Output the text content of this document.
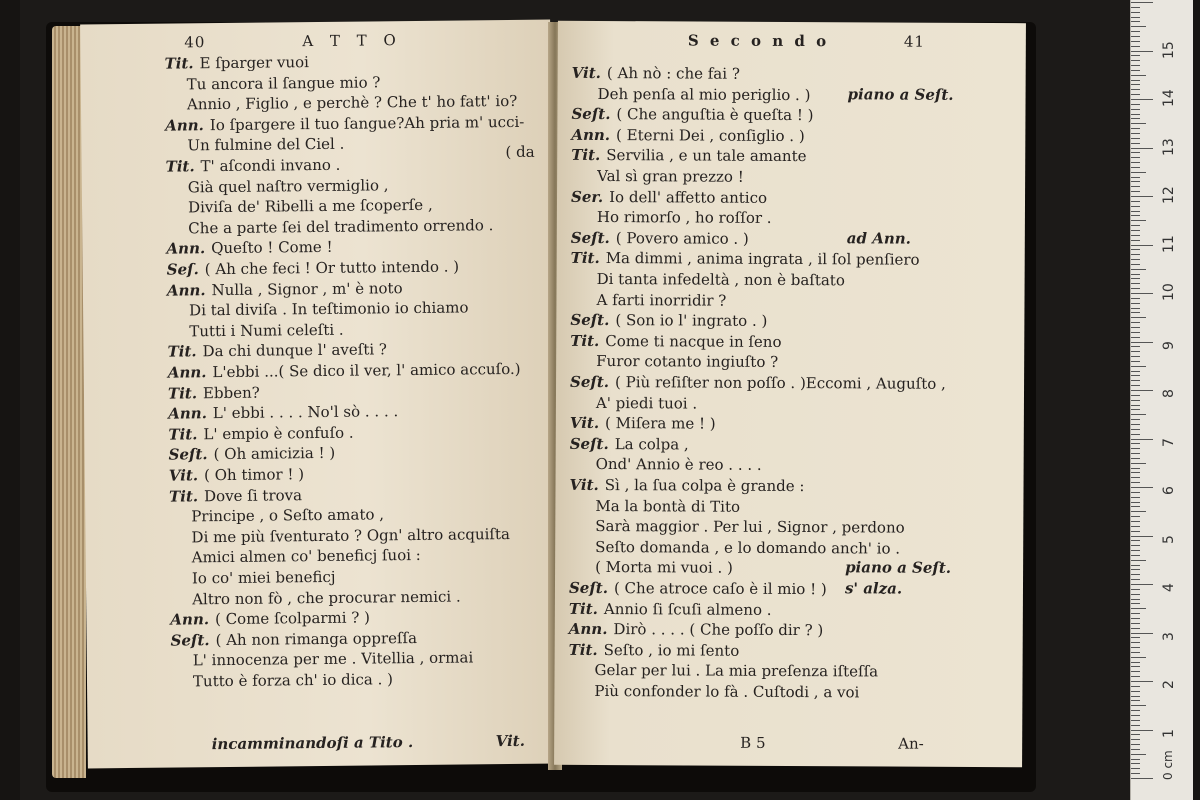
40	A T T O
Tit. E ſparger vuoi
Tu ancora il ſangue mio ?
Annio , Figlio , e perchè ? Che t' ho fatt' io?
Ann. Io ſpargere il tuo ſangue?Ah pria m' ucci-
Un fulmine del Ciel .
Tit. T' aſcondi invano .
Già quel naſtro vermiglio ,
Diviſa de' Ribelli a me ſcoperſe ,
Che a parte ſei del tradimento orrendo .
Ann. Queſto ! Come !
Seſ. ( Ah che feci ! Or tutto intendo . )
Ann. Nulla , Signor , m' è noto
Di tal diviſa . In teſtimonio io chiamo
Tutti i Numi celeſti .
Tit. Da chi dunque l' aveſti ?
Ann. L'ebbi ...( Se dico il ver, l' amico accuſo.)
Tit. Ebben?
Ann. L' ebbi . . . . No'l sò . . . .
Tit. L' empio è confuſo .
Seſt. ( Oh amicizia ! )
Vit. ( Oh timor ! )
Tit. Dove ſi trova
Principe , o Seſto amato ,
Di me più ſventurato ? Ogn' altro acquiſta
Amici almen co' beneficj ſuoi :
Io co' miei beneficj
Altro non fò , che procurar nemici .
Ann. ( Come ſcolparmi ? )
Seſt. ( Ah non rimanga oppreſſa
L' innocenza per me . Vitellia , ormai
Tutto è forza ch' io dica . )
( da
incamminandoſi a Tito .	Vit.
S e c o n d o	41
Vit. ( Ah nò : che fai ?
Deh penſa al mio periglio . ) piano a Seſt.
Seſt. ( Che anguſtia è queſta ! )
Ann. ( Eterni Dei , conſiglio . )
Tit. Servilia , e un tale amante
Val sì gran prezzo !
Ser. Io dell' affetto antico
Ho rimorſo , ho roſſor .
Seſt. ( Povero amico . )	ad Ann.
Tit. Ma dimmi , anima ingrata , il ſol penſiero
Di tanta infedeltà , non è baſtato
A farti inorridir ?
Seſt. ( Son io l' ingrato . )
Tit. Come ti nacque in ſeno
Furor cotanto ingiuſto ?
Seſt. ( Più reſiſter non poſſo . )Eccomi , Auguſto ,
A' piedi tuoi .
Vit. ( Miſera me ! )
Seſt. La colpa ,
Ond' Annio è reo . . . .
Vit. Sì , la ſua colpa è grande :
Ma la bontà di Tito
Sarà maggior . Per lui , Signor , perdono
Seſto domanda , e lo domando anch' io .
( Morta mi vuoi . )	piano a Seſt.
Seſt. ( Che atroce caſo è il mio ! ) s' alza.
Tit. Annio ſi ſcuſi almeno .
Ann. Dirò . . . . ( Che poſſo dir ? )
Tit. Seſto , io mi ſento
Gelar per lui . La mia preſenza iſteſſa
Più confonder lo fà . Cuſtodi , a voi
B 5	An-
0 cm
15
14
13
12
11
10
9
8
7
6
5
4
3
2
1
